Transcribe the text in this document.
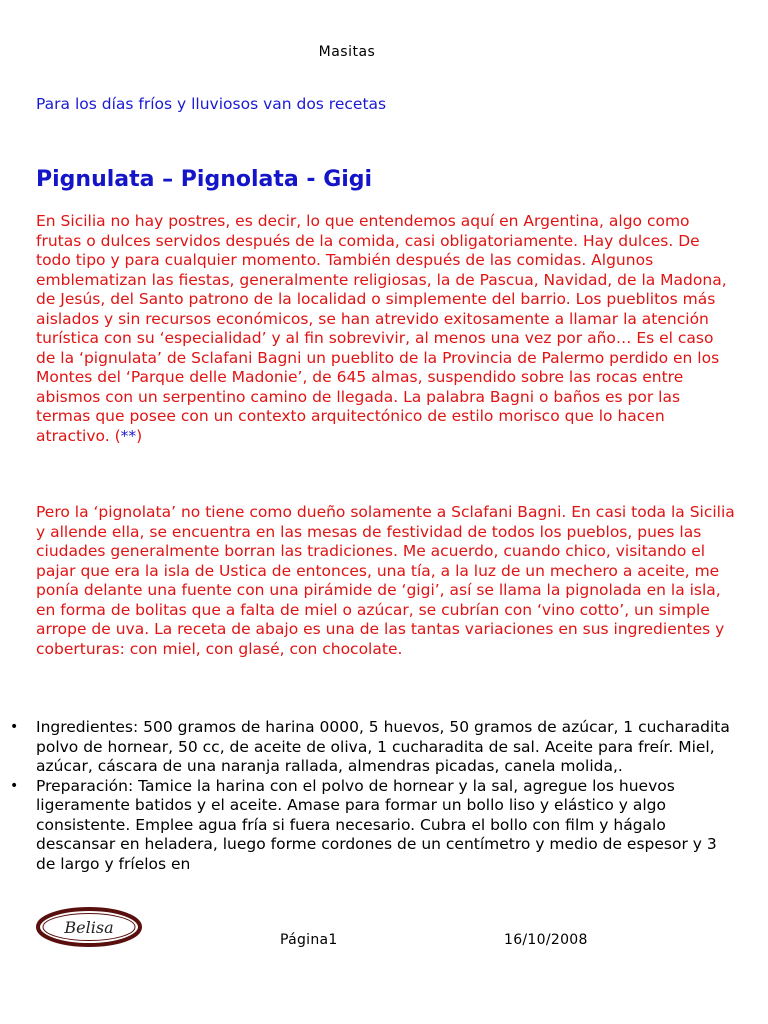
Masitas
Para los días fríos y lluviosos van dos recetas
Pignulata – Pignolata - Gigi

En Sicilia no hay postres, es decir, lo que entendemos aquí en Argentina, algo como frutas o dulces servidos después de la comida, casi obligatoriamente. Hay dulces. De todo tipo y para cualquier momento. También después de las comidas. Algunos emblematizan las fiestas, generalmente religiosas, la de Pascua, Navidad, de la Madona, de Jesús, del Santo patrono de la localidad o simplemente del barrio. Los pueblitos más aislados y sin recursos económicos, se han atrevido exitosamente a llamar la atención turística con su ‘especialidad’ y al fin sobrevivir, al menos una vez por año… Es el caso de la ‘pignulata’ de Sclafani Bagni un pueblito de la Provincia de Palermo perdido en los Montes del ‘Parque delle Madonie’, de 645 almas, suspendido sobre las rocas entre abismos con un serpentino camino de llegada. La palabra Bagni o baños es por las termas que posee con un contexto arquitectónico de estilo morisco que lo hacen atractivo. (**)

Pero la ‘pignolata’ no tiene como dueño solamente a Sclafani Bagni. En casi toda la Sicilia y allende ella, se encuentra en las mesas de festividad de todos los pueblos, pues las ciudades generalmente borran las tradiciones. Me acuerdo, cuando chico, visitando el pajar que era la isla de Ustica de entonces, una tía, a la luz de un mechero a aceite, me ponía delante una fuente con una pirámide de ‘gigi’, así se llama la pignolada en la isla, en forma de bolitas que a falta de miel o azúcar, se cubrían con ‘vino cotto’, un simple arrope de uva. La receta de abajo es una de las tantas variaciones en sus ingredientes y coberturas: con miel, con glasé, con chocolate.

• Ingredientes: 500 gramos de harina 0000, 5 huevos, 50 gramos de azúcar, 1 cucharadita polvo de hornear, 50 cc, de aceite de oliva, 1 cucharadita de sal. Aceite para freír. Miel, azúcar, cáscara de una naranja rallada, almendras picadas, canela molida,.
• Preparación: Tamice la harina con el polvo de hornear y la sal, agregue los huevos ligeramente batidos y el aceite. Amase para formar un bollo liso y elástico y algo consistente. Emplee agua fría si fuera necesario. Cubra el bollo con film y hágalo descansar en heladera, luego forme cordones de un centímetro y medio de espesor y 3 de largo y fríelos en
Belisa
Página1	16/10/2008
